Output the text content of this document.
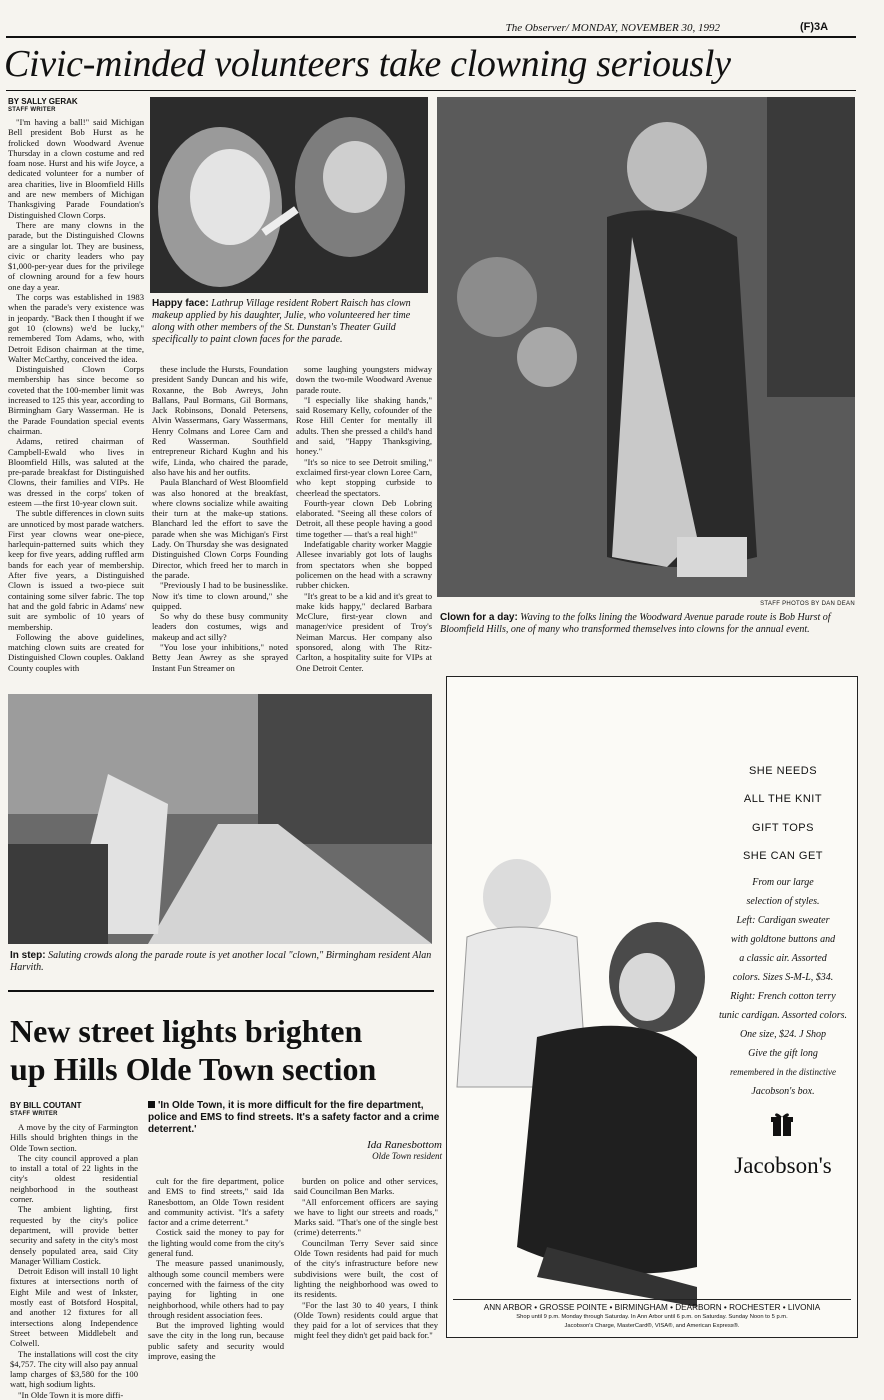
The Observer/ MONDAY, NOVEMBER 30, 1992	(F)3A
Civic-minded volunteers take clowning seriously
BY SALLY GERAK
STAFF WRITER

"I'm having a ball!" said Michigan Bell president Bob Hurst as he frolicked down Woodward Avenue Thursday in a clown costume and red foam nose. Hurst and his wife Joyce, a dedicated volunteer for a number of area charities, live in Bloomfield Hills and are new members of Michigan Thanksgiving Parade Foundation's Distinguished Clown Corps.

There are many clowns in the parade, but the Distinguished Clowns are a singular lot. They are business, civic or charity leaders who pay $1,000-per-year dues for the privilege of clowning around for a few hours one day a year.

The corps was established in 1983 when the parade's very existence was in jeopardy. "Back then I thought if we got 10 (clowns) we'd be lucky," remembered Tom Adams, who, with Detroit Edison chairman at the time, Walter McCarthy, conceived the idea.

Distinguished Clown Corps membership has since become so coveted that the 100-member limit was increased to 125 this year, according to Birmingham Gary Wasserman. He is the Parade Foundation special events chairman.

Adams, retired chairman of Campbell-Ewald who lives in Bloomfield Hills, was saluted at the pre-parade breakfast for Distinguished Clowns, their families and VIPs. He was dressed in the corps' token of esteem —the first 10-year clown suit.

The subtle differences in clown suits are unnoticed by most parade watchers. First year clowns wear one-piece, harlequin-patterned suits which they keep for five years, adding ruffled arm bands for each year of membership. After five years, a Distinguished Clown is issued a two-piece suit containing some silver fabric. The top hat and the gold fabric in Adams' new suit are symbolic of 10 years of membership.

Following the above guidelines, matching clown suits are created for Distinguished Clown couples. Oakland County couples with

Happy face: Lathrup Village resident Robert Raisch has clown makeup applied by his daughter, Julie, who volunteered her time along with other members of the St. Dunstan's Theater Guild specifically to paint clown faces for the parade.

these include the Hursts, Foundation president Sandy Duncan and his wife, Roxanne, the Bob Awreys, John Ballans, Paul Bormans, Gil Bormans, Jack Robinsons, Donald Petersens, Alvin Wassermans, Gary Wassermans, Henry Colmans and Loree Carn and Red Wasserman. Southfield entrepreneur Richard Kughn and his wife, Linda, who chaired the parade, also have his and her outfits.

Paula Blanchard of West Bloomfield was also honored at the breakfast, where clowns socialize while awaiting their turn at the make-up stations. Blanchard led the effort to save the parade when she was Michigan's First Lady. On Thursday she was designated Distinguished Clown Corps Founding Director, which freed her to march in the parade.

"Previously I had to be businesslike. Now it's time to clown around," she quipped.

So why do these busy community leaders don costumes, wigs and makeup and act silly?

"You lose your inhibitions," noted Betty Jean Awrey as she sprayed Instant Fun Streamer on

some laughing youngsters midway down the two-mile Woodward Avenue parade route.

"I especially like shaking hands," said Rosemary Kelly, cofounder of the Rose Hill Center for mentally ill adults. Then she pressed a child's hand and said, "Happy Thanksgiving, honey."

"It's so nice to see Detroit smiling," exclaimed first-year clown Loree Carn, who kept stopping curbside to cheerlead the spectators.

Fourth-year clown Deb Lobring elaborated. "Seeing all these colors of Detroit, all these people having a good time together — that's a real high!"

Indefatigable charity worker Maggie Allesee invariably got lots of laughs from spectators when she bopped policemen on the head with a scrawny rubber chicken.

"It's great to be a kid and it's great to make kids happy," declared Barbara McClure, first-year clown and manager/vice president of Troy's Neiman Marcus. Her company also sponsored, along with The Ritz-Carlton, a hospitality suite for VIPs at One Detroit Center.

STAFF PHOTOS BY DAN DEAN
Clown for a day: Waving to the folks lining the Woodward Avenue parade route is Bob Hurst of Bloomfield Hills, one of many who transformed themselves into clowns for the annual event.
In step: Saluting crowds along the parade route is yet another local "clown," Birmingham resident Alan Harvith.
New street lights brighten
up Hills Olde Town section
BY BILL COUTANT
STAFF WRITER
'In Olde Town, it is more difficult for the fire department, police and EMS to find streets. It's a safety factor and a crime deterrent.'
Ida Ranesbottom
Olde Town resident

A move by the city of Farmington Hills should brighten things in the Olde Town section.

The city council approved a plan to install a total of 22 lights in the city's oldest residential neighborhood in the southeast corner.

The ambient lighting, first requested by the city's police department, will provide better security and safety in the city's most densely populated area, said City Manager William Costick.

Detroit Edison will install 10 light fixtures at intersections north of Eight Mile and west of Inkster, mostly east of Botsford Hospital, and another 12 fixtures for all intersections along Independence Street between Middlebelt and Colwell.

The installations will cost the city $4,757. The city will also pay annual lamp charges of $3,580 for the 100 watt, high sodium lights.

"In Olde Town it is more diffi-

cult for the fire department, police and EMS to find streets," said Ida Ranesbottom, an Olde Town resident and community activist. "It's a safety factor and a crime deterrent."

Costick said the money to pay for the lighting would come from the city's general fund.

The measure passed unanimously, although some council members were concerned with the fairness of the city paying for lighting in one neighborhood, while others had to pay through resident association fees.

But the improved lighting would save the city in the long run, because public safety and security would improve, easing the

burden on police and other services, said Councilman Ben Marks.

"All enforcement officers are saying we have to light our streets and roads," Marks said. "That's one of the single best (crime) deterrents."

Councilman Terry Sever said since Olde Town residents had paid for much of the city's infrastructure before new subdivisions were built, the cost of lighting the neighborhood was owed to its residents.

"For the last 30 to 40 years, I think (Olde Town) residents could argue that they paid for a lot of services that they might feel they didn't get paid back for."

SHE NEEDS
ALL THE KNIT
GIFT TOPS
SHE CAN GET
From our large
selection of styles.
Left: Cardigan sweater
with goldtone buttons and
a classic air. Assorted
colors. Sizes S-M-L, $34.
Right: French cotton terry
tunic cardigan. Assorted colors.
One size, $24. J Shop
Give the gift long
remembered in the distinctive
Jacobson's box.
Jacobson's
ANN ARBOR • GROSSE POINTE • BIRMINGHAM • DEARBORN • ROCHESTER • LIVONIA
Shop until 9 p.m. Monday through Saturday. In Ann Arbor until 6 p.m. on Saturday. Sunday Noon to 5 p.m.
Jacobson's Charge, MasterCard®, VISA®, and American Express®.
